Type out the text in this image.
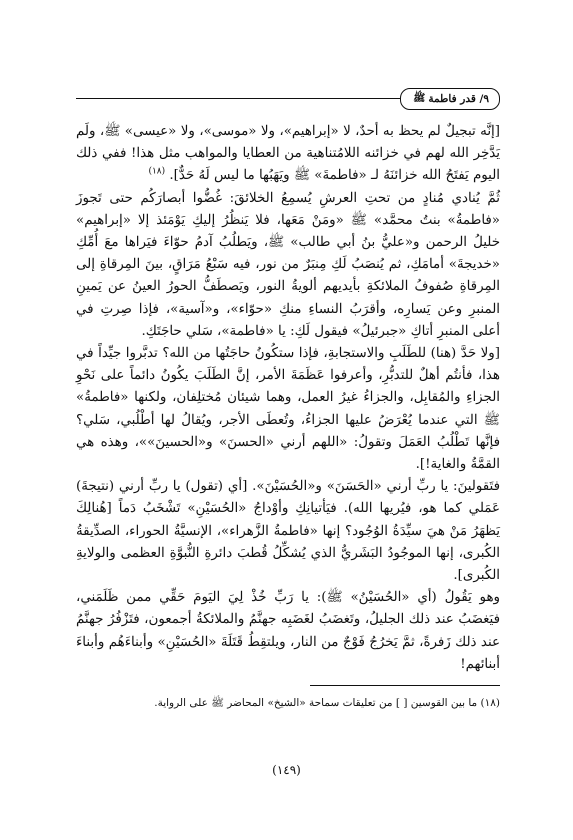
٩/ قدر فاطمة
ﷺ

[إنَّه تبجيلٌ لم يحظ به أحدٌ، لا «إبراهيم»، ولا «موسى»، ولا «عيسى» ﷺ، ولَم يَدَّخِر الله لهم في خزائنه اللامُتناهية من العطايا والمواهب مثل هذا! ففي ذلك اليوم يَفتَحُ الله خزائنَهُ لـ «فاطمةَ» ﷺ ويَهَبُها ما ليس لَهُ حَدٌّ]. $^{(١٨)}$

ثُمَّ يُنادي مُنادٍ من تحتِ العرشِ يُسمِعُ الخلائقَ: غُضُّوا أبصارَكُم حتى تَجوزَ «فاطمةُ» بنتُ محمَّد» ﷺ «ومَنْ مَعَها، فلا يَنظُرُ إليكِ يَوْمَئذ إلا «إبراهيم» خليلُ الرحمن و«عليُّ بنُ أبي طالب» ﷺ، ويَطلُبُ آدمُ حوّاءَ فيَراها معَ أُمِّكِ «خديجةَ» أمامَكِ، ثم يُنصَبُ لَكِ مِنبَرٌ من نور، فيه سَبْعُ مَرَاقٍ، بينَ المِرقاةِ إلى المِرقاةِ صُفوفُ الملائكةِ بأيديهم ألويةُ النور، ويَصطَفُّ الحورُ العينُ عن يَمينِ المنبرِ وعن يَسارِه، وأقرَبُ النساءِ منكِ «حوّاء»، و«آسية»، فإذا صِرتِ في أعلى المنبرِ أتاكِ «جبرئيلُ» فيقول لَكِ: يا «فاطمة»، سَلي حاجَتَكِ.

[ولا حَدَّ (هنا) للطَلَبِ والاستجابةِ، فإذا ستكُونُ حاجَتُها من الله؟ تدبَّروا جيِّداً في هذا، فأنتُم أهلٌ للتدبُّرِ، وأعرفوا عَظَمَةَ الأمر، إنَّ الطَلَبَ يكُونُ دائماً على نَحْوِ الجزاءِ والمُقابِل، والجزاءُ غيرُ العمل، وهما شيئان مُختلِفان، ولكنها «فاطمةُ» ﷺ التي عندما يُعْرَضُ عليها الجزاءُ، وتُعطَى الأجر، ويُقالُ لها أطْلُبي، سَلي؟ فإنَّها تَطْلُبُ العَمَلَ وتقولُ: «اللهم أرني «الحسنَ» و«الحسينَ»»، وهذه هي القمَّةُ والغاية!].

فتَقولينَ: يا ربِّ أرني «الحَسَنَ» و«الحُسَيْنَ». [أي (تقول) يا ربِّ أرني (نتيجةَ) عَمَلي كما هو، فيُريها الله). فيَأتيانِكِ وأوْداجُ «الحُسَيْنِ» تَشْخَبُ دَماً [هُنالِكَ يَظهَرُ مَنْ هيَ سيِّدَةُ الوُجُود؟ إنها «فاطمةُ الزَّهراء»، الإنسيَّةُ الحوراء، الصدِّيقةُ الكُبرى، إنها الموجُودُ البَشَريُّ الذي يُشكِّلُ قُطبَ دائرةِ النُّبوَّةِ العظمى والولايةِ الكُبرى].

وهو يَقُولُ (أي «الحُسَيْنُ» ﷺ): يا رَبِّ خُذْ لِيَ اليَومَ حَقِّي ممن ظَلَمَني، فيَغضَبُ عند ذلك الجليلُ، وتَغضَبُ لغَضَبِه جهنَّمُ والملائكةُ أجمعون، فتَزْفُرُ جهنَّمُ عند ذلك زَفرةً، ثمَّ يَخرُجُ فَوْجٌ من النار، ويلتقِطُ قَتَلَةَ «الحُسَيْنِ» وأبناءَهُم وأبناءَ أبنائهم!

(١٨) ما بين القوسين [ ] من تعليقات سماحة «الشيخ» المحاضر ﷺ على الرواية.
(١٤٩)
